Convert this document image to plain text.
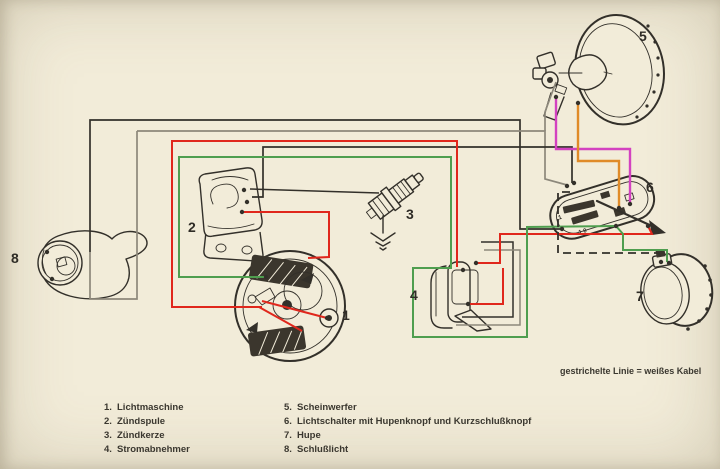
1 0
1
1
2
3
4
5
6
7
8
gestrichelte Linie = weißes Kabel
1. Lichtmaschine
2. Zündspule
3. Zündkerze
4. Stromabnehmer
5. Scheinwerfer
6. Lichtschalter mit Hupenknopf und Kurzschlußknopf
7. Hupe
8. Schlußlicht
